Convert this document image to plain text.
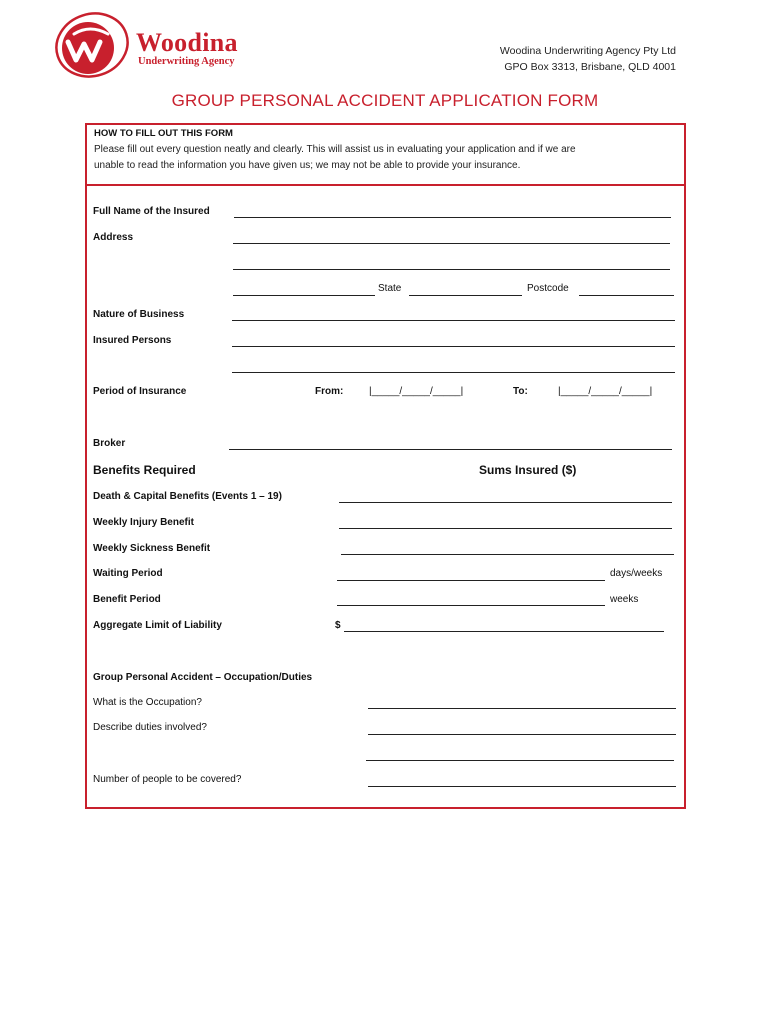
Woodina
Underwriting Agency
Woodina Underwriting Agency Pty Ltd
GPO Box 3313, Brisbane, QLD 4001
GROUP PERSONAL ACCIDENT APPLICATION FORM
HOW TO FILL OUT THIS FORM
Please fill out every question neatly and clearly. This will assist us in evaluating your application and if we are
unable to read the information you have given us; we may not be able to provide your insurance.
Full Name of the Insured
Address
State	Postcode
Nature of Business
Insured Persons
Period of Insurance	From:	|_____/_____/_____|	To:	|_____/_____/_____|
Broker
Benefits Required	Sums Insured ($)
Death & Capital Benefits (Events 1 – 19)
Weekly Injury Benefit
Weekly Sickness Benefit
Waiting Period	days/weeks
Benefit Period	weeks
Aggregate Limit of Liability	$
Group Personal Accident – Occupation/Duties
What is the Occupation?
Describe duties involved?
Number of people to be covered?
